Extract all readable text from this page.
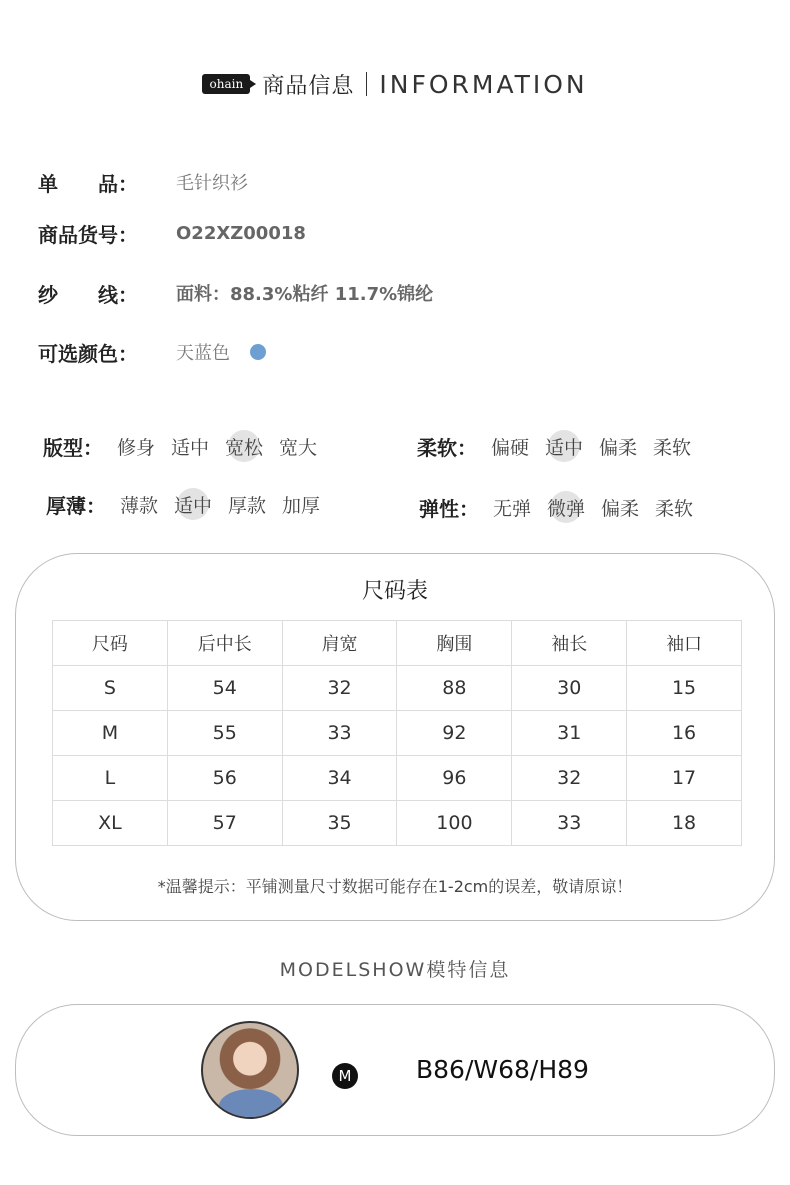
ohain 商品信息 INFORMATION
单　　品：	毛针织衫
商品货号：	O22XZ00018
纱　　线：	面料：88.3%粘纤 11.7%锦纶
可选颜色：	天蓝色
版型： 修身 适中 宽松 宽大	柔软： 偏硬 适中 偏柔 柔软
厚薄： 薄款 适中 厚款 加厚	弹性： 无弹 微弹 偏柔 柔软
尺码表
尺码	后中长	肩宽	胸围	袖长	袖口
S	54	32	88	30	15
M	55	33	92	31	16
L	56	34	96	32	17
XL	57	35	100	33	18
*温馨提示：平铺测量尺寸数据可能存在1-2cm的误差，敬请原谅！
MODELSHOW模特信息
M	B86/W68/H89
